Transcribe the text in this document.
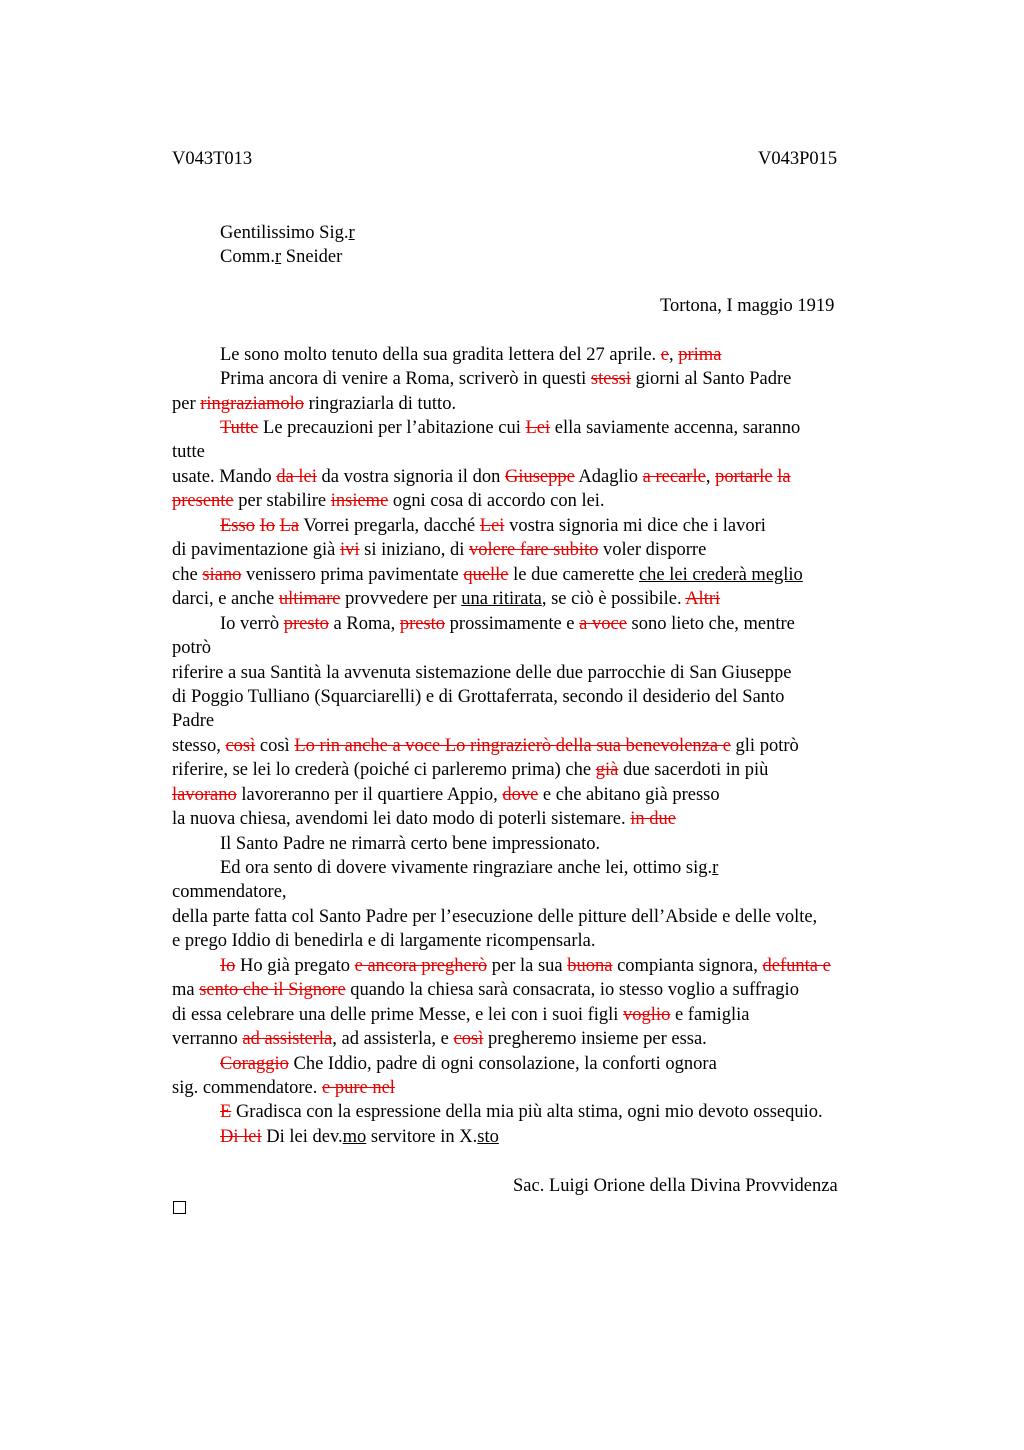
V043T013	V043P015
Gentilissimo Sig.r
Comm.r Sneider
Tortona, I maggio 1919
Le sono molto tenuto della sua gradita lettera del 27 aprile. e, prima
Prima ancora di venire a Roma, scriverò in questi stessi giorni al Santo Padre
per ringraziamolo ringraziarla di tutto.
Tutte Le precauzioni per l’abitazione cui Lei ella saviamente accenna, saranno
tutte
usate. Mando da lei da vostra signoria il don Giuseppe Adaglio a recarle, portarle la
presente per stabilire insieme ogni cosa di accordo con lei.
Esso Io La Vorrei pregarla, dacché Lei vostra signoria mi dice che i lavori
di pavimentazione già ivi si iniziano, di volere fare subito voler disporre
che siano venissero prima pavimentate quelle le due camerette che lei crederà meglio
darci, e anche ultimare provvedere per una ritirata, se ciò è possibile. Altri
Io verrò presto a Roma, presto prossimamente e a voce sono lieto che, mentre
potrò
riferire a sua Santità la avvenuta sistemazione delle due parrocchie di San Giuseppe
di Poggio Tulliano (Squarciarelli) e di Grottaferrata, secondo il desiderio del Santo
Padre
stesso, così così Lo rin anche a voce Lo ringrazierò della sua benevolenza e gli potrò
riferire, se lei lo crederà (poiché ci parleremo prima) che già due sacerdoti in più
lavorano lavoreranno per il quartiere Appio, dove e che abitano già presso
la nuova chiesa, avendomi lei dato modo di poterli sistemare. in due
Il Santo Padre ne rimarrà certo bene impressionato.
Ed ora sento di dovere vivamente ringraziare anche lei, ottimo sig.r
commendatore,
della parte fatta col Santo Padre per l’esecuzione delle pitture dell’Abside e delle volte,
e prego Iddio di benedirla e di largamente ricompensarla.
Io Ho già pregato e ancora pregherò per la sua buona compianta signora, defunta e
ma sento che il Signore quando la chiesa sarà consacrata, io stesso voglio a suffragio
di essa celebrare una delle prime Messe, e lei con i suoi figli voglio e famiglia
verranno ad assisterla, ad assisterla, e così pregheremo insieme per essa.
Coraggio Che Iddio, padre di ogni consolazione, la conforti ognora
sig. commendatore. e pure nel
E Gradisca con la espressione della mia più alta stima, ogni mio devoto ossequio.
Di lei Di lei dev.mo servitore in X.sto
Sac. Luigi Orione della Divina Provvidenza
